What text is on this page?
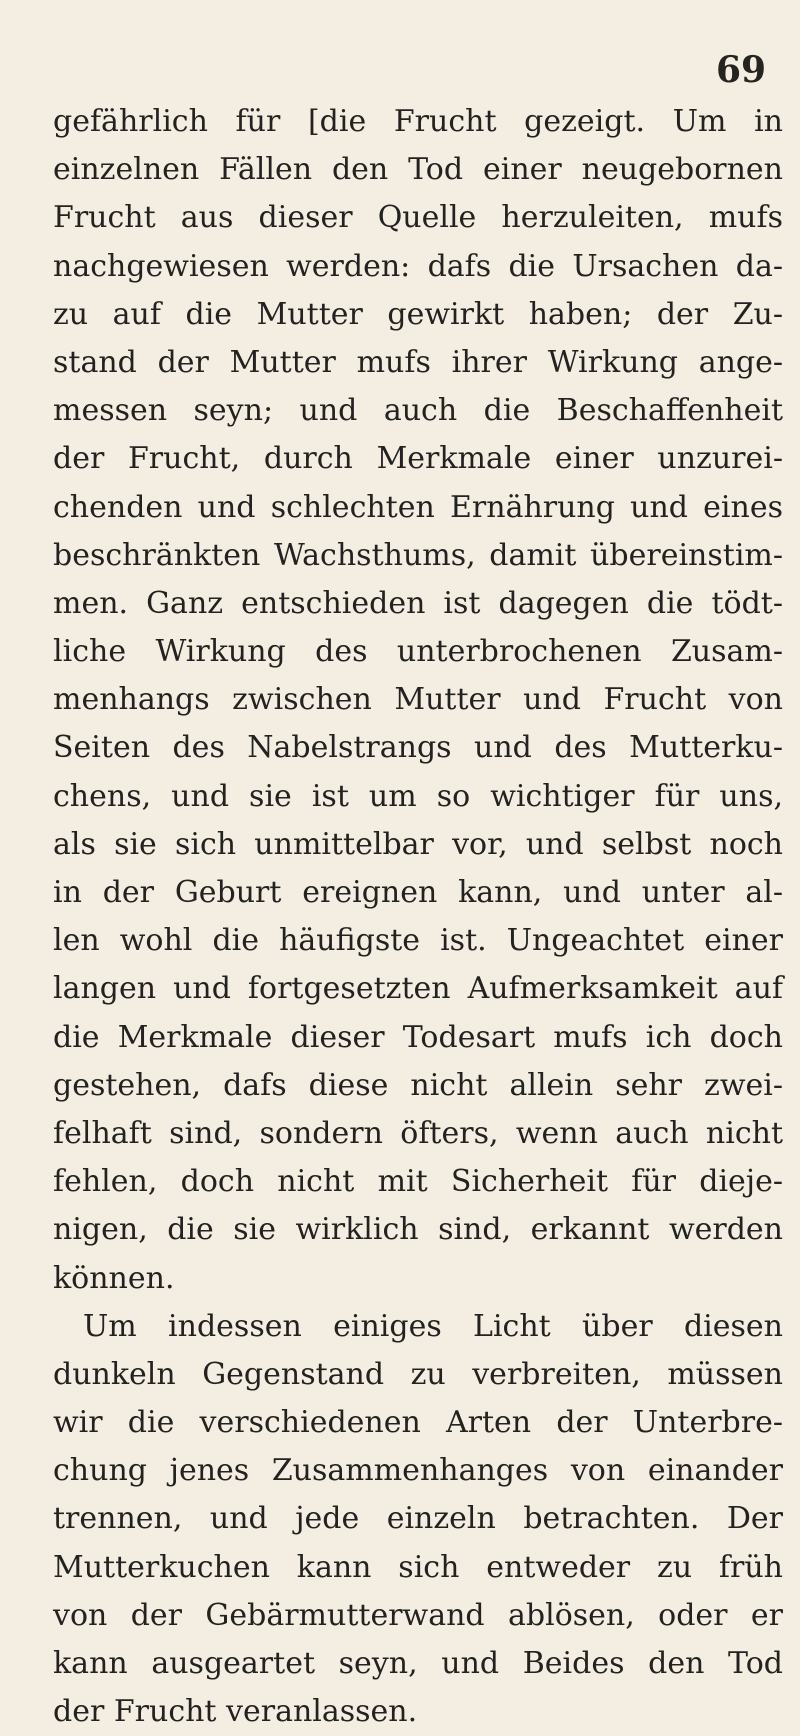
69
gefährlich für [die Frucht gezeigt. Um in
einzelnen Fällen den Tod einer neugebornen
Frucht aus dieser Quelle herzuleiten, mufs
nachgewiesen werden: dafs die Ursachen da-
zu auf die Mutter gewirkt haben; der Zu-
stand der Mutter mufs ihrer Wirkung ange-
messen seyn; und auch die Beschaffenheit
der Frucht, durch Merkmale einer unzurei-
chenden und schlechten Ernährung und eines
beschränkten Wachsthums, damit übereinstim-
men. Ganz entschieden ist dagegen die tödt-
liche Wirkung des unterbrochenen Zusam-
menhangs zwischen Mutter und Frucht von
Seiten des Nabelstrangs und des Mutterku-
chens, und sie ist um so wichtiger für uns,
als sie sich unmittelbar vor, und selbst noch
in der Geburt ereignen kann, und unter al-
len wohl die häufigste ist. Ungeachtet einer
langen und fortgesetzten Aufmerksamkeit auf
die Merkmale dieser Todesart mufs ich doch
gestehen, dafs diese nicht allein sehr zwei-
felhaft sind, sondern öfters, wenn auch nicht
fehlen, doch nicht mit Sicherheit für dieje-
nigen, die sie wirklich sind, erkannt werden
können.
Um indessen einiges Licht über diesen
dunkeln Gegenstand zu verbreiten, müssen
wir die verschiedenen Arten der Unterbre-
chung jenes Zusammenhanges von einander
trennen, und jede einzeln betrachten. Der
Mutterkuchen kann sich entweder zu früh
von der Gebärmutterwand ablösen, oder er
kann ausgeartet seyn, und Beides den Tod
der Frucht veranlassen.
